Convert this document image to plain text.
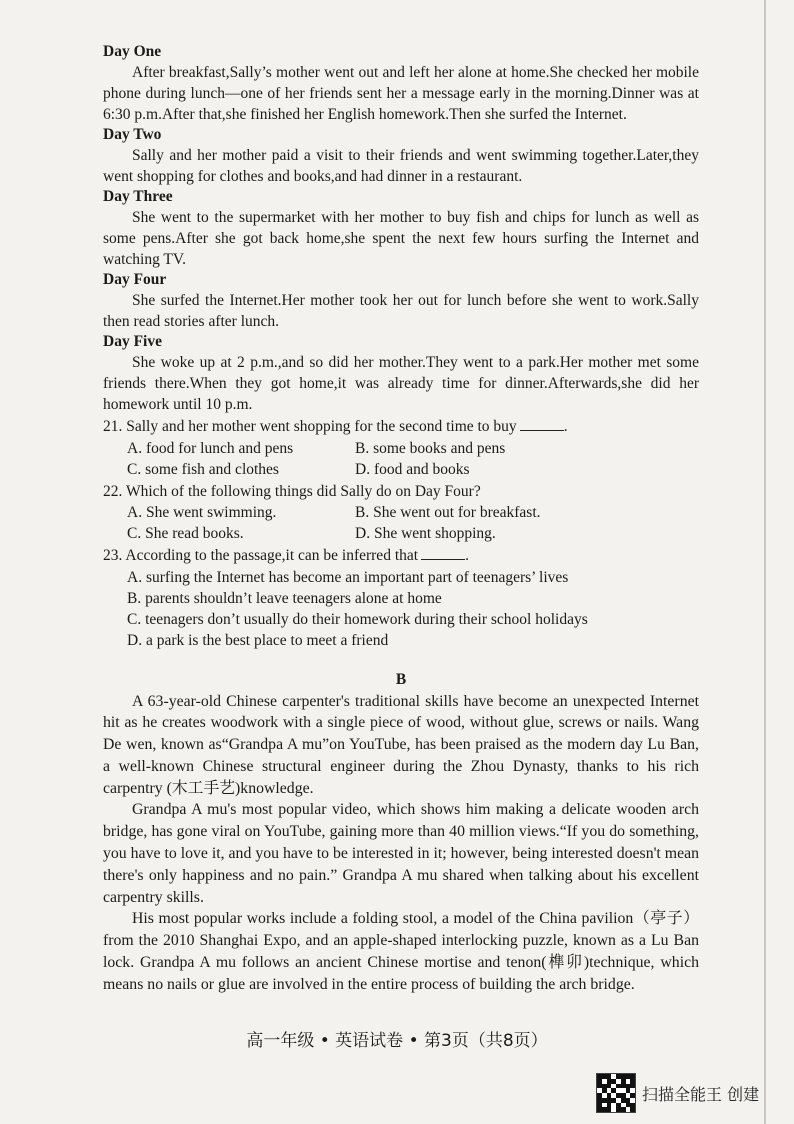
Day One

After breakfast,Sally’s mother went out and left her alone at home.She checked her mobile phone during lunch—one of her friends sent her a message early in the morning.Dinner was at 6:30 p.m.After that,she finished her English homework.Then she surfed the Internet.

Day Two

Sally and her mother paid a visit to their friends and went swimming together.Later,they went shopping for clothes and books,and had dinner in a restaurant.

Day Three

She went to the supermarket with her mother to buy fish and chips for lunch as well as some pens.After she got back home,she spent the next few hours surfing the Internet and watching TV.

Day Four

She surfed the Internet.Her mother took her out for lunch before she went to work.Sally then read stories after lunch.

Day Five

She woke up at 2 p.m.,and so did her mother.They went to a park.Her mother met some friends there.When they got home,it was already time for dinner.Afterwards,she did her homework until 10 p.m.

21. Sally and her mother went shopping for the second time to buy	.
A. food for lunch and pens	B. some books and pens
C. some fish and clothes	D. food and books
22. Which of the following things did Sally do on Day Four?
A. She went swimming.	B. She went out for breakfast.
C. She read books.	D. She went shopping.
23. According to the passage,it can be inferred that	.
A. surfing the Internet has become an important part of teenagers’ lives
B. parents shouldn’t leave teenagers alone at home
C. teenagers don’t usually do their homework during their school holidays
D. a park is the best place to meet a friend
B

A 63-year-old Chinese carpenter's traditional skills have become an unexpected Internet hit as he creates woodwork with a single piece of wood, without glue, screws or nails. Wang De wen, known as“Grandpa A mu”on YouTube, has been praised as the modern day Lu Ban, a well-known Chinese structural engineer during the Zhou Dynasty, thanks to his rich carpentry (木工手艺)knowledge.

Grandpa A mu's most popular video, which shows him making a delicate wooden arch bridge, has gone viral on YouTube, gaining more than 40 million views.“If you do something, you have to love it, and you have to be interested in it; however, being interested doesn't mean there's only happiness and no pain.” Grandpa A mu shared when talking about his excellent carpentry skills.

His most popular works include a folding stool, a model of the China pavilion（亭子）from the 2010 Shanghai Expo, and an apple-shaped interlocking puzzle, known as a Lu Ban lock. Grandpa A mu follows an ancient Chinese mortise and tenon(榫卯)technique, which means no nails or glue are involved in the entire process of building the arch bridge.

高一年级 • 英语试卷 • 第3页（共8页）
扫描全能王 创建
